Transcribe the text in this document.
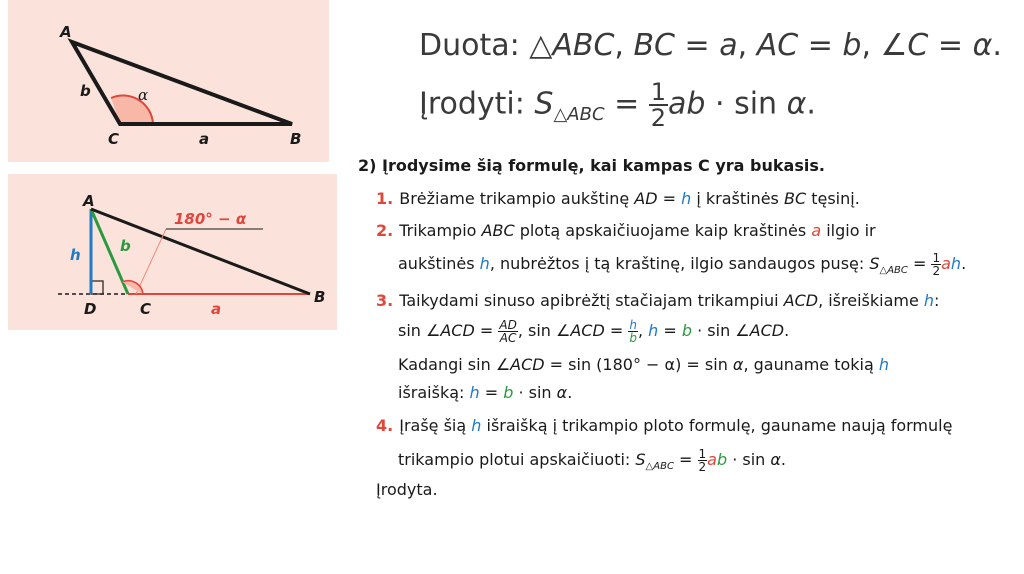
A
C	B
b
a
α
A
h	b
D	C	a
B
180° − α
Duota: △ABC, BC = a, AC = b, ∠C = α.
Įrodyti: $S_{\triangle ABC} = \frac{1}{2}$ ab · sin α.
2) Įrodysime šią formulę, kai kampas C yra bukasis.
1. Brėžiame trikampio aukštinę AD = h į kraštinės BC tęsinį.
2. Trikampio ABC plotą apskaičiuojame kaip kraštinės a ilgio ir
aukštinės h, nubrėžtos į tą kraštinę, ilgio sandaugos pusę: $S_{\triangle ABC} = \frac{1}{2}$ ah.
3. Taikydami sinuso apibrėžtį stačiajam trikampiui ACD, išreiškiame h:
sin ∠ACD = $\frac{AD}{AC}$ , sin ∠ACD = $\frac{h}{b}$ , h = b · sin ∠ACD.
Kadangi sin ∠ACD = sin (180° − α) = sin α, gauname tokią h
išraišką: h = b · sin α.
4. Įrašę šią h išraišką į trikampio ploto formulę, gauname naują formulę
trikampio plotui apskaičiuoti: $S_{\triangle ABC} = \frac{1}{2}$ ab · sin α.
Įrodyta.
